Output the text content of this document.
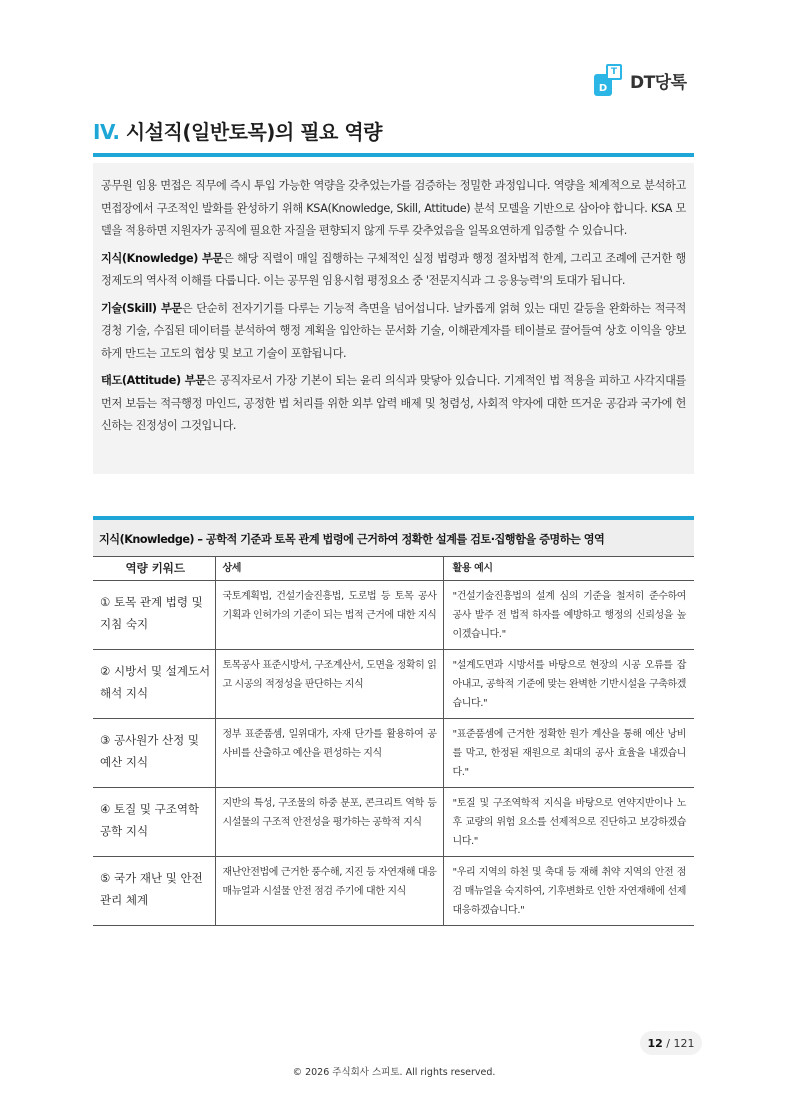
D
T
DT당톡
IV. 시설직(일반토목)의 필요 역량

공무원 임용 면접은 직무에 즉시 투입 가능한 역량을 갖추었는가를 검증하는 정밀한 과정입니다. 역량을 체계적으로 분석하고 면접장에서 구조적인 발화를 완성하기 위해 KSA(Knowledge, Skill, Attitude) 분석 모델을 기반으로 삼아야 합니다. KSA 모델을 적용하면 지원자가 공직에 필요한 자질을 편향되지 않게 두루 갖추었음을 일목요연하게 입증할 수 있습니다.

지식(Knowledge) 부문은 해당 직렬이 매일 집행하는 구체적인 실정 법령과 행정 절차법적 한계, 그리고 조례에 근거한 행정제도의 역사적 이해를 다룹니다. 이는 공무원 임용시험 평정요소 중 '전문지식과 그 응용능력'의 토대가 됩니다.

기술(Skill) 부문은 단순히 전자기기를 다루는 기능적 측면을 넘어섭니다. 날카롭게 얽혀 있는 대민 갈등을 완화하는 적극적 경청 기술, 수집된 데이터를 분석하여 행정 계획을 입안하는 문서화 기술, 이해관계자를 테이블로 끌어들여 상호 이익을 양보하게 만드는 고도의 협상 및 보고 기술이 포함됩니다.

태도(Attitude) 부문은 공직자로서 가장 기본이 되는 윤리 의식과 맞닿아 있습니다. 기계적인 법 적용을 피하고 사각지대를 먼저 보듬는 적극행정 마인드, 공정한 법 처리를 위한 외부 압력 배제 및 청렴성, 사회적 약자에 대한 뜨거운 공감과 국가에 헌신하는 진정성이 그것입니다.

지식(Knowledge) – 공학적 기준과 토목 관계 법령에 근거하여 정확한 설계를 검토·집행함을 증명하는 영역
역량 키워드	상세	활용 예시
① 토목 관계 법령 및 지침 숙지	국토계획법, 건설기술진흥법, 도로법 등 토목 공사 기획과 인허가의 기준이 되는 법적 근거에 대한 지식	"건설기술진흥법의 설계 심의 기준을 철저히 준수하여 공사 발주 전 법적 하자를 예방하고 행정의 신뢰성을 높이겠습니다."
② 시방서 및 설계도서 해석 지식	토목공사 표준시방서, 구조계산서, 도면을 정확히 읽고 시공의 적정성을 판단하는 지식	"설계도면과 시방서를 바탕으로 현장의 시공 오류를 잡아내고, 공학적 기준에 맞는 완벽한 기반시설을 구축하겠습니다."
③ 공사원가 산정 및 예산 지식	정부 표준품셈, 일위대가, 자재 단가를 활용하여 공사비를 산출하고 예산을 편성하는 지식	"표준품셈에 근거한 정확한 원가 계산을 통해 예산 낭비를 막고, 한정된 재원으로 최대의 공사 효율을 내겠습니다."
④ 토질 및 구조역학 공학 지식	지반의 특성, 구조물의 하중 분포, 콘크리트 역학 등 시설물의 구조적 안전성을 평가하는 공학적 지식	"토질 및 구조역학적 지식을 바탕으로 연약지반이나 노후 교량의 위험 요소를 선제적으로 진단하고 보강하겠습니다."
⑤ 국가 재난 및 안전관리 체계	재난안전법에 근거한 풍수해, 지진 등 자연재해 대응 매뉴얼과 시설물 안전 점검 주기에 대한 지식	"우리 지역의 하천 및 축대 등 재해 취약 지역의 안전 점검 매뉴얼을 숙지하여, 기후변화로 인한 자연재해에 선제 대응하겠습니다."
12 / 121
© 2026 주식회사 스피토. All rights reserved.
